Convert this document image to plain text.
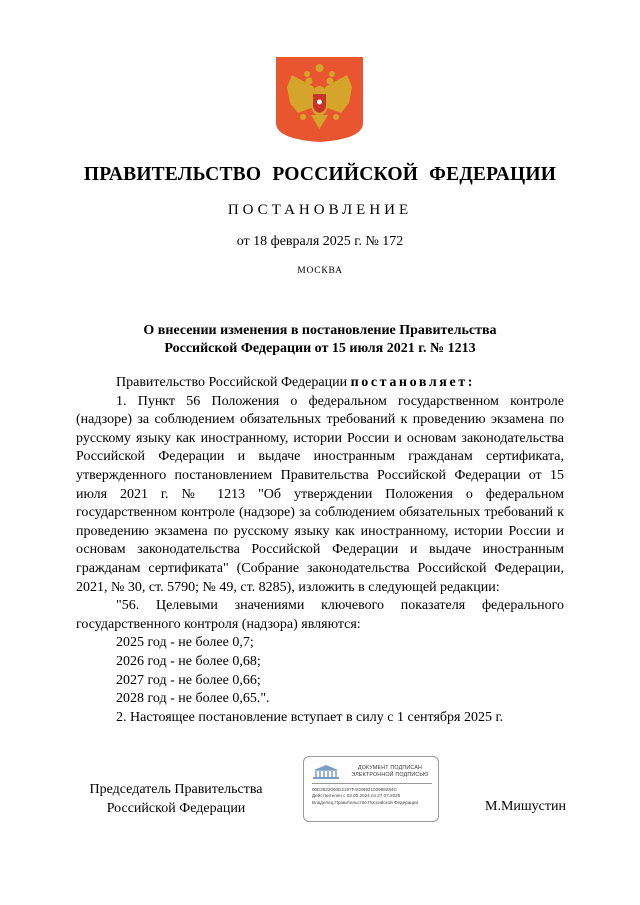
ПРАВИТЕЛЬСТВО РОССИЙСКОЙ ФЕДЕРАЦИИ
ПОСТАНОВЛЕНИЕ
от 18 февраля 2025 г. № 172
МОСКВА
О внесении изменения в постановление Правительства
Российской Федерации от 15 июля 2021 г. № 1213

Правительство Российской Федерации постановляет:

1. Пункт 56 Положения о федеральном государственном контроле (надзоре) за соблюдением обязательных требований к проведению экзамена по русскому языку как иностранному, истории России и основам законодательства Российской Федерации и выдаче иностранным гражданам сертификата, утвержденного постановлением Правительства Российской Федерации от 15 июля 2021 г. № 1213 "Об утверждении Положения о федеральном государственном контроле (надзоре) за соблюдением обязательных требований к проведению экзамена по русскому языку как иностранному, истории России и основам законодательства Российской Федерации и выдаче иностранным гражданам сертификата" (Собрание законодательства Российской Федерации, 2021, № 30, ст. 5790; № 49, ст. 8285), изложить в следующей редакции:

"56. Целевыми значениями ключевого показателя федерального государственного контроля (надзора) являются:

2025 год - не более 0,7;

2026 год - не более 0,68;

2027 год - не более 0,66;

2028 год - не более 0,65.".

2. Настоящее постановление вступает в силу с 1 сентября 2025 г.

Председатель Правительства
Российской Федерации
ДОКУМЕНТ ПОДПИСАН
ЭЛЕКТРОННОЙ ПОДПИСЬЮ
00E3632060D2197F4C8692100998284C
Действителен с 03.05.2024 по 27.07.2025
Владелец Правительство Российской Федерации	М.Мишустин
